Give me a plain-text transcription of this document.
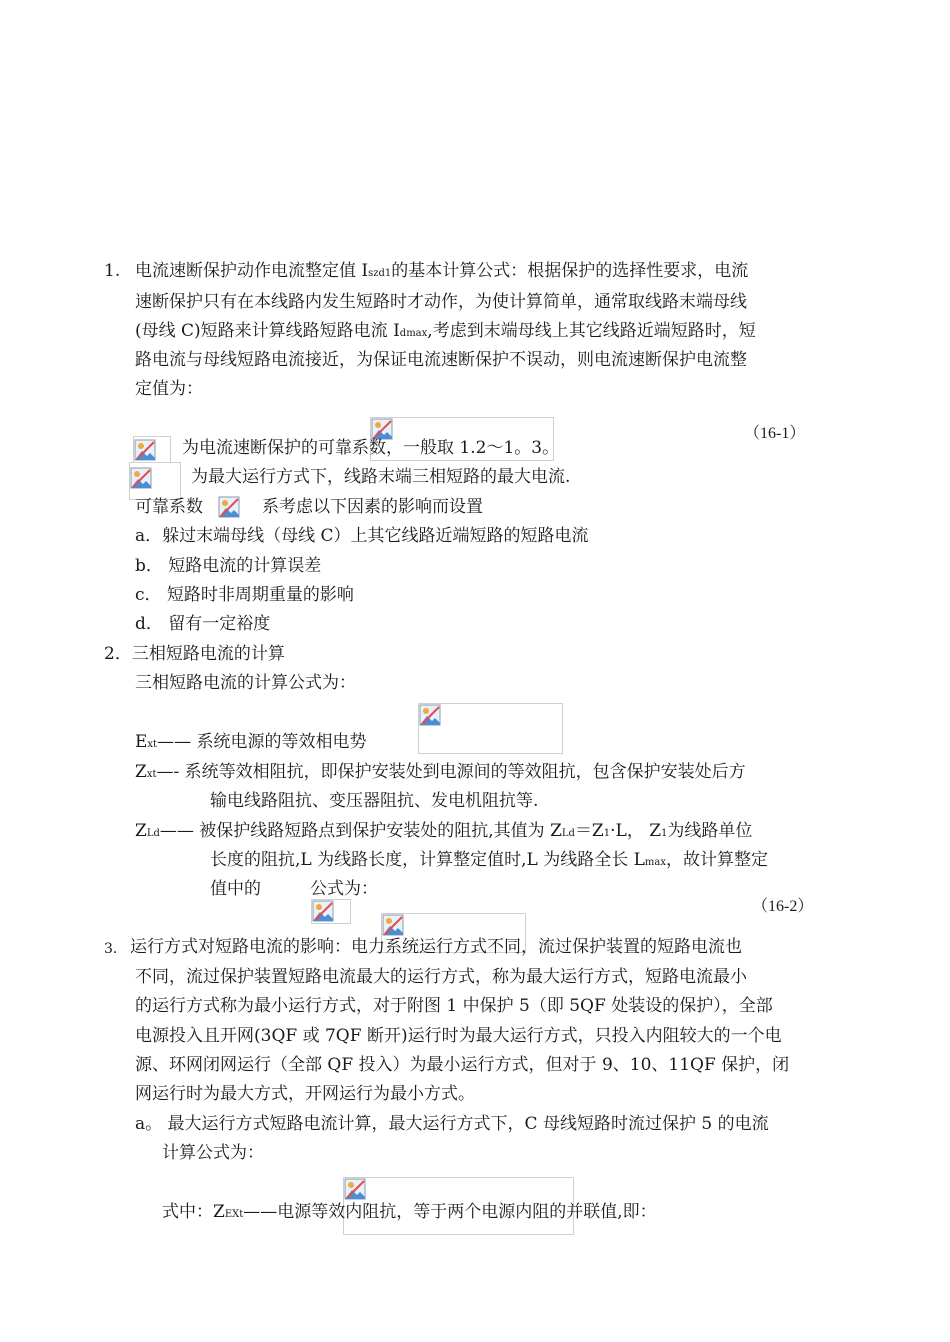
1. 电流速断保护动作电流整定值 Iszd1的基本计算公式：根据保护的选择性要求，电流
速断保护只有在本线路内发生短路时才动作，为使计算简单，通常取线路末端母线
(母线 C)短路来计算线路短路电流 Idmax,考虑到末端母线上其它线路近端短路时，短
路电流与母线短路电流接近，为保证电流速断保护不误动，则电流速断保护电流整
定值为：
（16-1）
为电流速断保护的可靠系数，一般取 1.2～1。3。
为最大运行方式下，线路末端三相短路的最大电流.
可靠系数	系考虑以下因素的影响而设置
a．躲过末端母线（母线 C）上其它线路近端短路的短路电流
b． 短路电流的计算误差
c． 短路时非周期重量的影响
d． 留有一定裕度
2．三相短路电流的计算
三相短路电流的计算公式为：
Ext—— 系统电源的等效相电势
Zxt—- 系统等效相阻抗，即保护安装处到电源间的等效阻抗，包含保护安装处后方
输电线路阻抗、变压器阻抗、发电机阻抗等.
ZLd—— 被保护线路短路点到保护安装处的阻抗,其值为 ZLd＝Z1·L， Z1为线路单位
长度的阻抗,L 为线路长度，计算整定值时,L 为线路全长 Lmax，故计算整定
值中的	公式为：
（16-2）
3． 运行方式对短路电流的影响：电力系统运行方式不同，流过保护装置的短路电流也
不同，流过保护装置短路电流最大的运行方式，称为最大运行方式，短路电流最小
的运行方式称为最小运行方式，对于附图 1 中保护 5（即 5QF 处装设的保护），全部
电源投入且开网(3QF 或 7QF 断开)运行时为最大运行方式，只投入内阻较大的一个电
源、环网闭网运行（全部 QF 投入）为最小运行方式，但对于 9、10、11QF 保护，闭
网运行时为最大方式，开网运行为最小方式。
a。 最大运行方式短路电流计算，最大运行方式下，C 母线短路时流过保护 5 的电流
计算公式为：
式中：ZEXt——电源等效内阻抗，等于两个电源内阻的并联值,即：
